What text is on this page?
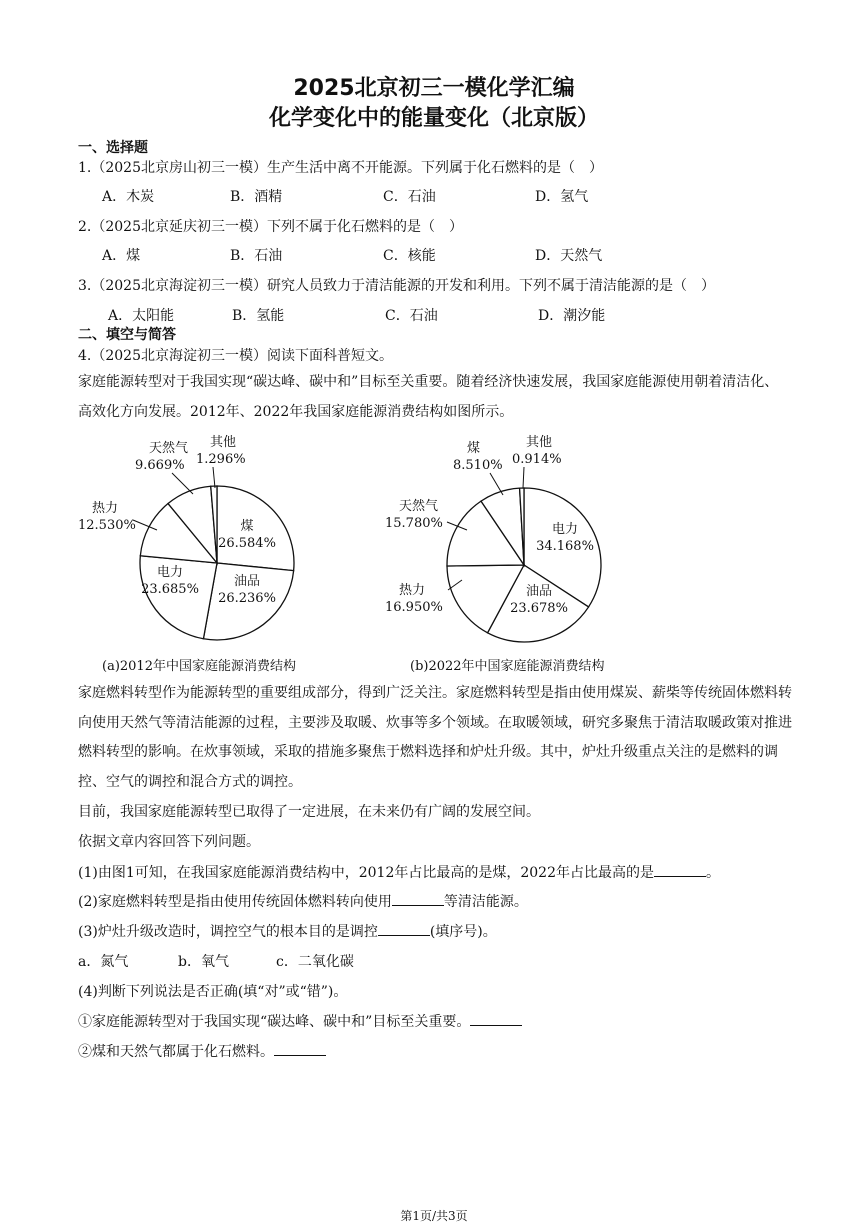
2025北京初三一模化学汇编
化学变化中的能量变化（北京版）
一、选择题
1.（2025北京房山初三一模）生产生活中离不开能源。下列属于化石燃料的是（　）
A．木炭	B．酒精	C．石油	D．氢气
2.（2025北京延庆初三一模）下列不属于化石燃料的是（　）
A．煤	B．石油	C．核能	D．天然气
3.（2025北京海淀初三一模）研究人员致力于清洁能源的开发和利用。下列不属于清洁能源的是（　）
A．太阳能	B．氢能	C．石油	D．潮汐能
二、填空与简答
4.（2025北京海淀初三一模）阅读下面科普短文。
家庭能源转型对于我国实现“碳达峰、碳中和”目标至关重要。随着经济快速发展，我国家庭能源使用朝着清洁化、高效化方向发展。2012年、2022年我国家庭能源消费结构如图所示。
煤
26.584%
油品
26.236%
电力
23.685%
热力
12.530%
天然气
9.669%
其他
1.296%
电力
34.168%
油品
23.678%
热力
16.950%
天然气
15.780%
煤
8.510%
其他
0.914%
(a)2012年中国家庭能源消费结构	(b)2022年中国家庭能源消费结构
家庭燃料转型作为能源转型的重要组成部分，得到广泛关注。家庭燃料转型是指由使用煤炭、薪柴等传统固体燃料转向使用天然气等清洁能源的过程，主要涉及取暖、炊事等多个领域。在取暖领域，研究多聚焦于清洁取暖政策对推进燃料转型的影响。在炊事领域，采取的措施多聚焦于燃料选择和炉灶升级。其中，炉灶升级重点关注的是燃料的调控、空气的调控和混合方式的调控。
目前，我国家庭能源转型已取得了一定进展，在未来仍有广阔的发展空间。
依据文章内容回答下列问题。
(1)由图1可知，在我国家庭能源消费结构中，2012年占比最高的是煤，2022年占比最高的是	。
(2)家庭燃料转型是指由使用传统固体燃料转向使用	等清洁能源。
(3)炉灶升级改造时，调控空气的根本目的是调控	(填序号)。
a．氮气	b．氧气	c．二氧化碳
(4)判断下列说法是否正确(填“对”或“错”)。
①家庭能源转型对于我国实现“碳达峰、碳中和”目标至关重要。
②煤和天然气都属于化石燃料。
第1页/共3页
